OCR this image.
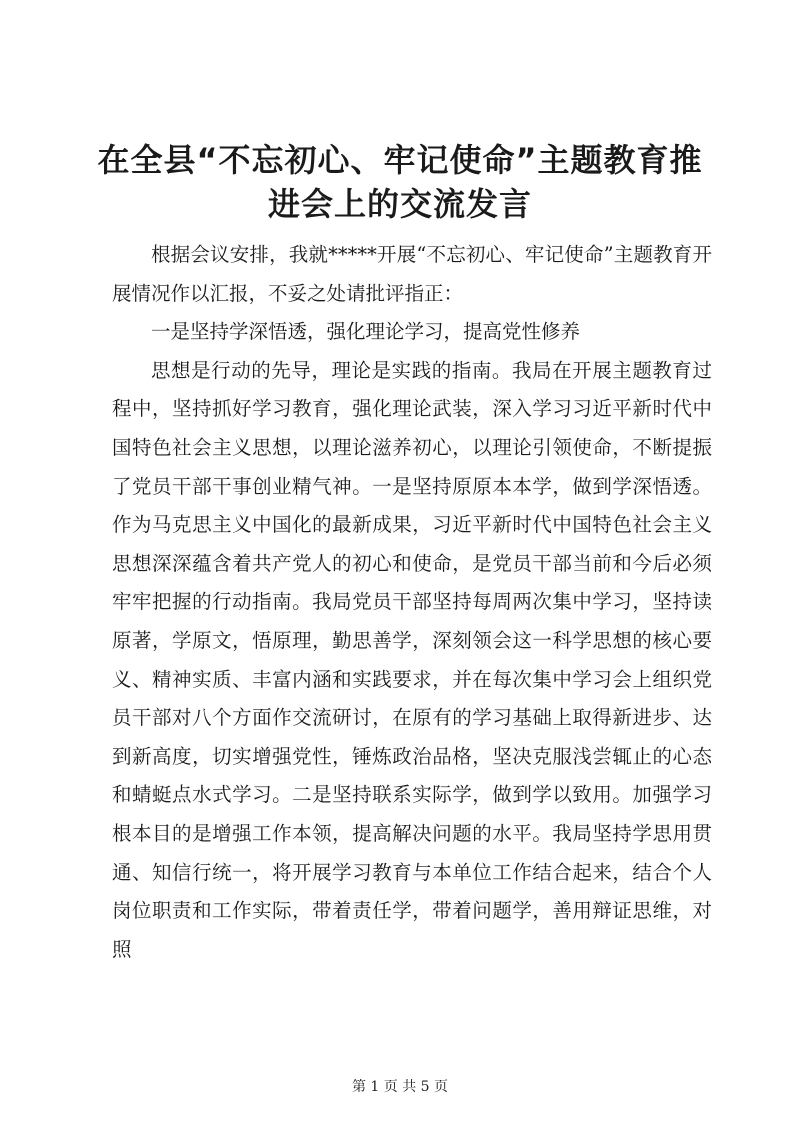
在全县“不忘初心、牢记使命”主题教育推进会上的交流发言

根据会议安排，我就*****开展“不忘初心、牢记使命”主题教育开展情况作以汇报，不妥之处请批评指正：

一是坚持学深悟透，强化理论学习，提高党性修养

思想是行动的先导，理论是实践的指南。我局在开展主题教育过程中，坚持抓好学习教育，强化理论武装，深入学习习近平新时代中国特色社会主义思想，以理论滋养初心，以理论引领使命，不断提振了党员干部干事创业精气神。一是坚持原原本本学，做到学深悟透。作为马克思主义中国化的最新成果，习近平新时代中国特色社会主义思想深深蕴含着共产党人的初心和使命，是党员干部当前和今后必须牢牢把握的行动指南。我局党员干部坚持每周两次集中学习，坚持读原著，学原文，悟原理，勤思善学，深刻领会这一科学思想的核心要义、精神实质、丰富内涵和实践要求，并在每次集中学习会上组织党员干部对八个方面作交流研讨，在原有的学习基础上取得新进步、达到新高度，切实增强党性，锤炼政治品格，坚决克服浅尝辄止的心态和蜻蜓点水式学习。二是坚持联系实际学，做到学以致用。加强学习根本目的是增强工作本领，提高解决问题的水平。我局坚持学思用贯通、知信行统一，将开展学习教育与本单位工作结合起来，结合个人岗位职责和工作实际，带着责任学，带着问题学，善用辩证思维，对照

第 1 页 共 5 页
